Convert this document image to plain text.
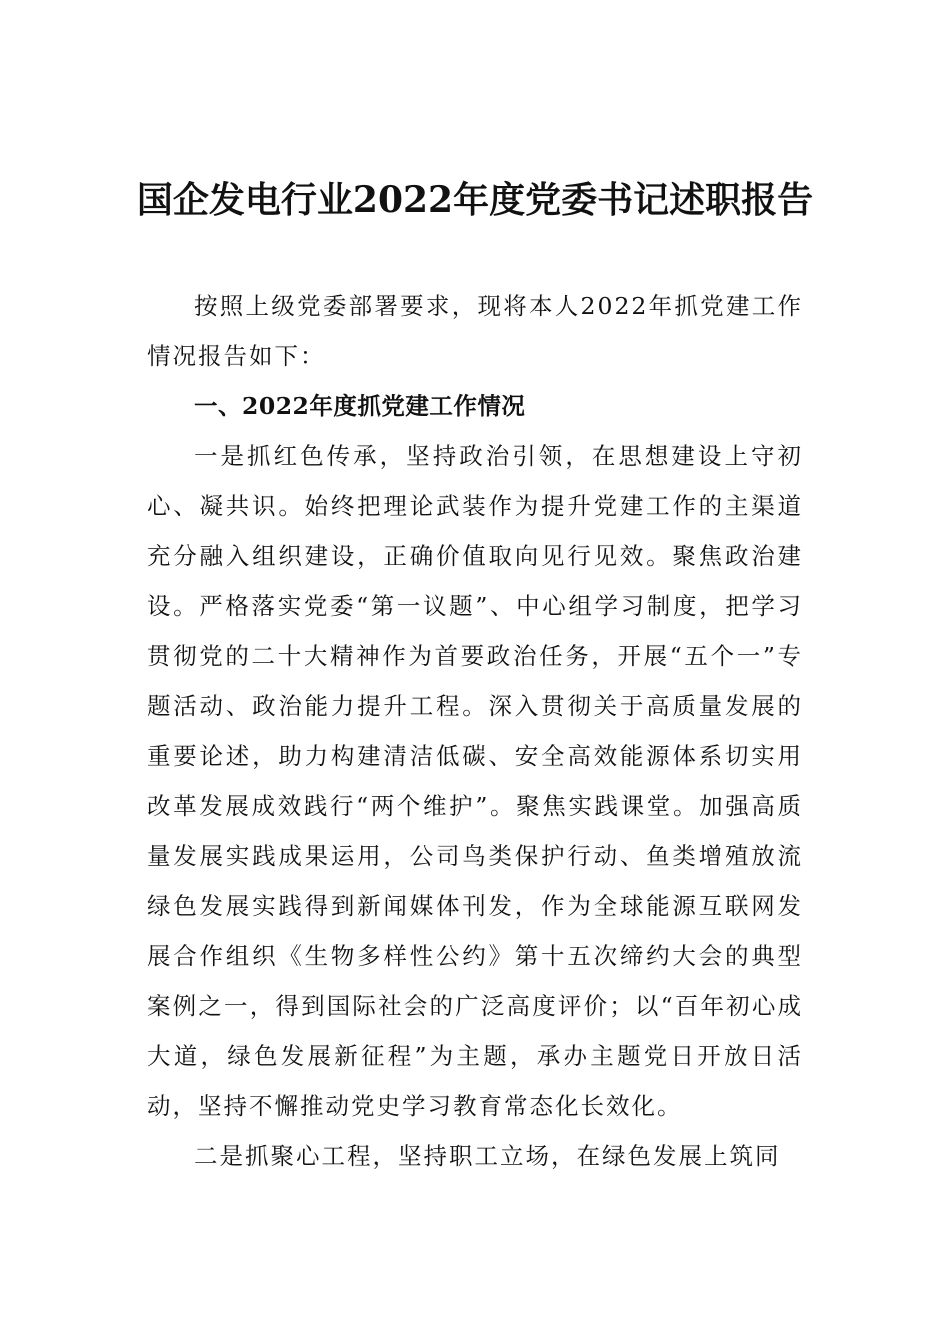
国企发电行业2022年度党委书记述职报告

按照上级党委部署要求，现将本人2022年抓党建工作情况报告如下：

一、2022年度抓党建工作情况

一是抓红色传承，坚持政治引领，在思想建设上守初心、凝共识。始终把理论武装作为提升党建工作的主渠道充分融入组织建设，正确价值取向见行见效。聚焦政治建设。严格落实党委“第一议题”、中心组学习制度，把学习贯彻党的二十大精神作为首要政治任务，开展“五个一”专题活动、政治能力提升工程。深入贯彻关于高质量发展的重要论述，助力构建清洁低碳、安全高效能源体系切实用改革发展成效践行“两个维护”。聚焦实践课堂。加强高质量发展实践成果运用，公司鸟类保护行动、鱼类增殖放流绿色发展实践得到新闻媒体刊发，作为全球能源互联网发展合作组织《生物多样性公约》第十五次缔约大会的典型案例之一，得到国际社会的广泛高度评价；以“百年初心成大道，绿色发展新征程”为主题，承办主题党日开放日活动，坚持不懈推动党史学习教育常态化长效化。

二是抓聚心工程，坚持职工立场，在绿色发展上筑同
